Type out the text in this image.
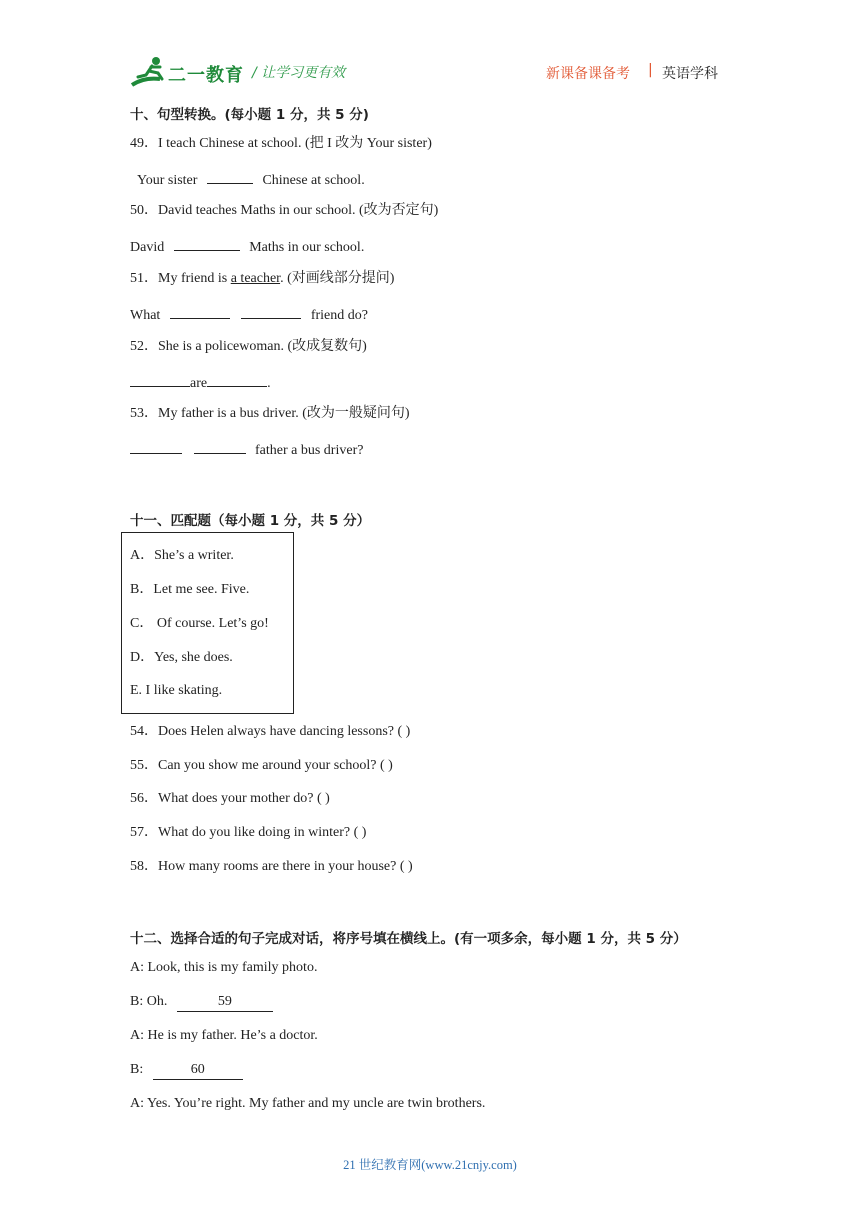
二一教育 / 让学习更有效	新课备课备考 | 英语学科
十、句型转换。(每小题 1 分，共 5 分)
49．I teach Chinese at school. (把 I 改为 Your sister)
Your sister	Chinese at school.
50．David teaches Maths in our school. (改为否定句)
David	Maths in our school.
51．My friend is a teacher. (对画线部分提问)
What	friend do?
52．She is a policewoman. (改成复数句)
are	.
53．My father is a bus driver. (改为一般疑问句)
father a bus driver?
十一、匹配题（每小题 1 分，共 5 分）
A．She’s a writer.
B．Let me see. Five.
C． Of course. Let’s go!
D．Yes, she does.
E. I like skating.
54．Does Helen always have dancing lessons? ( )
55．Can you show me around your school? ( )
56．What does your mother do? ( )
57．What do you like doing in winter? ( )
58．How many rooms are there in your house? ( )
十二、选择合适的句子完成对话，将序号填在横线上。(有一项多余，每小题 1 分，共 5 分）
A: Look, this is my family photo.
B: Oh.	59
A: He is my father. He’s a doctor.
B:	60
A: Yes. You’re right. My father and my uncle are twin brothers.
21 世纪教育网(www.21cnjy.com)
